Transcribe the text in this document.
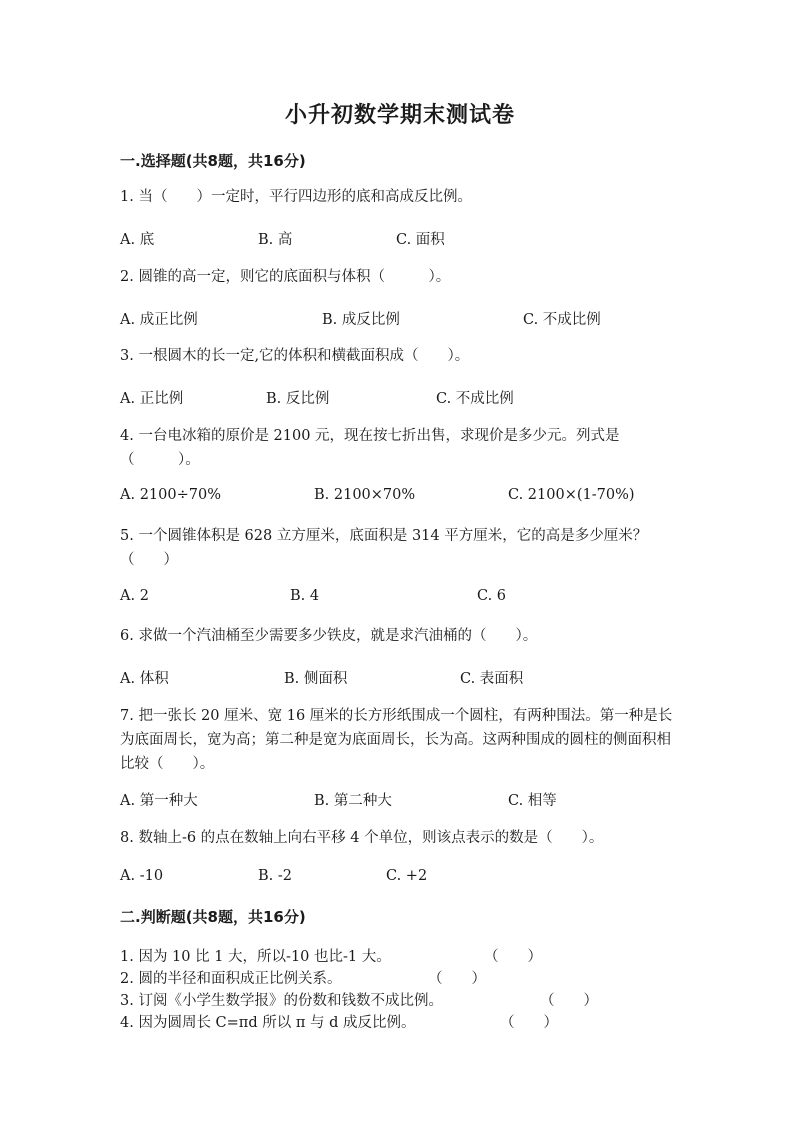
小升初数学期末测试卷
一.选择题(共8题，共16分)
1. 当（　　）一定时，平行四边形的底和高成反比例。
A. 底	B. 高	C. 面积
2. 圆锥的高一定，则它的底面积与体积（　　　）。
A. 成正比例	B. 成反比例	C. 不成比例
3. 一根圆木的长一定,它的体积和横截面积成（　　）。
A. 正比例	B. 反比例	C. 不成比例
4. 一台电冰箱的原价是 2100 元，现在按七折出售，求现价是多少元。列式是（　　　）。
A. 2100÷70%	B. 2100×70%	C. 2100×(1-70%)
5. 一个圆锥体积是 628 立方厘米，底面积是 314 平方厘米，它的高是多少厘米？（　　）
A. 2	B. 4	C. 6
6. 求做一个汽油桶至少需要多少铁皮，就是求汽油桶的（　　）。
A. 体积	B. 侧面积	C. 表面积
7. 把一张长 20 厘米、宽 16 厘米的长方形纸围成一个圆柱，有两种围法。第一种是长为底面周长，宽为高；第二种是宽为底面周长，长为高。这两种围成的圆柱的侧面积相比较（　　）。
A. 第一种大	B. 第二种大	C. 相等
8. 数轴上-6 的点在数轴上向右平移 4 个单位，则该点表示的数是（　　）。
A. -10	B. -2	C. +2
二.判断题(共8题，共16分)
1. 因为 10 比 1 大，所以-10 也比-1 大。	（　　）
2. 圆的半径和面积成正比例关系。	（　　）
3. 订阅《小学生数学报》的份数和钱数不成比例。	（　　）
4. 因为圆周长 C=πd 所以 π 与 d 成反比例。	（　　）
